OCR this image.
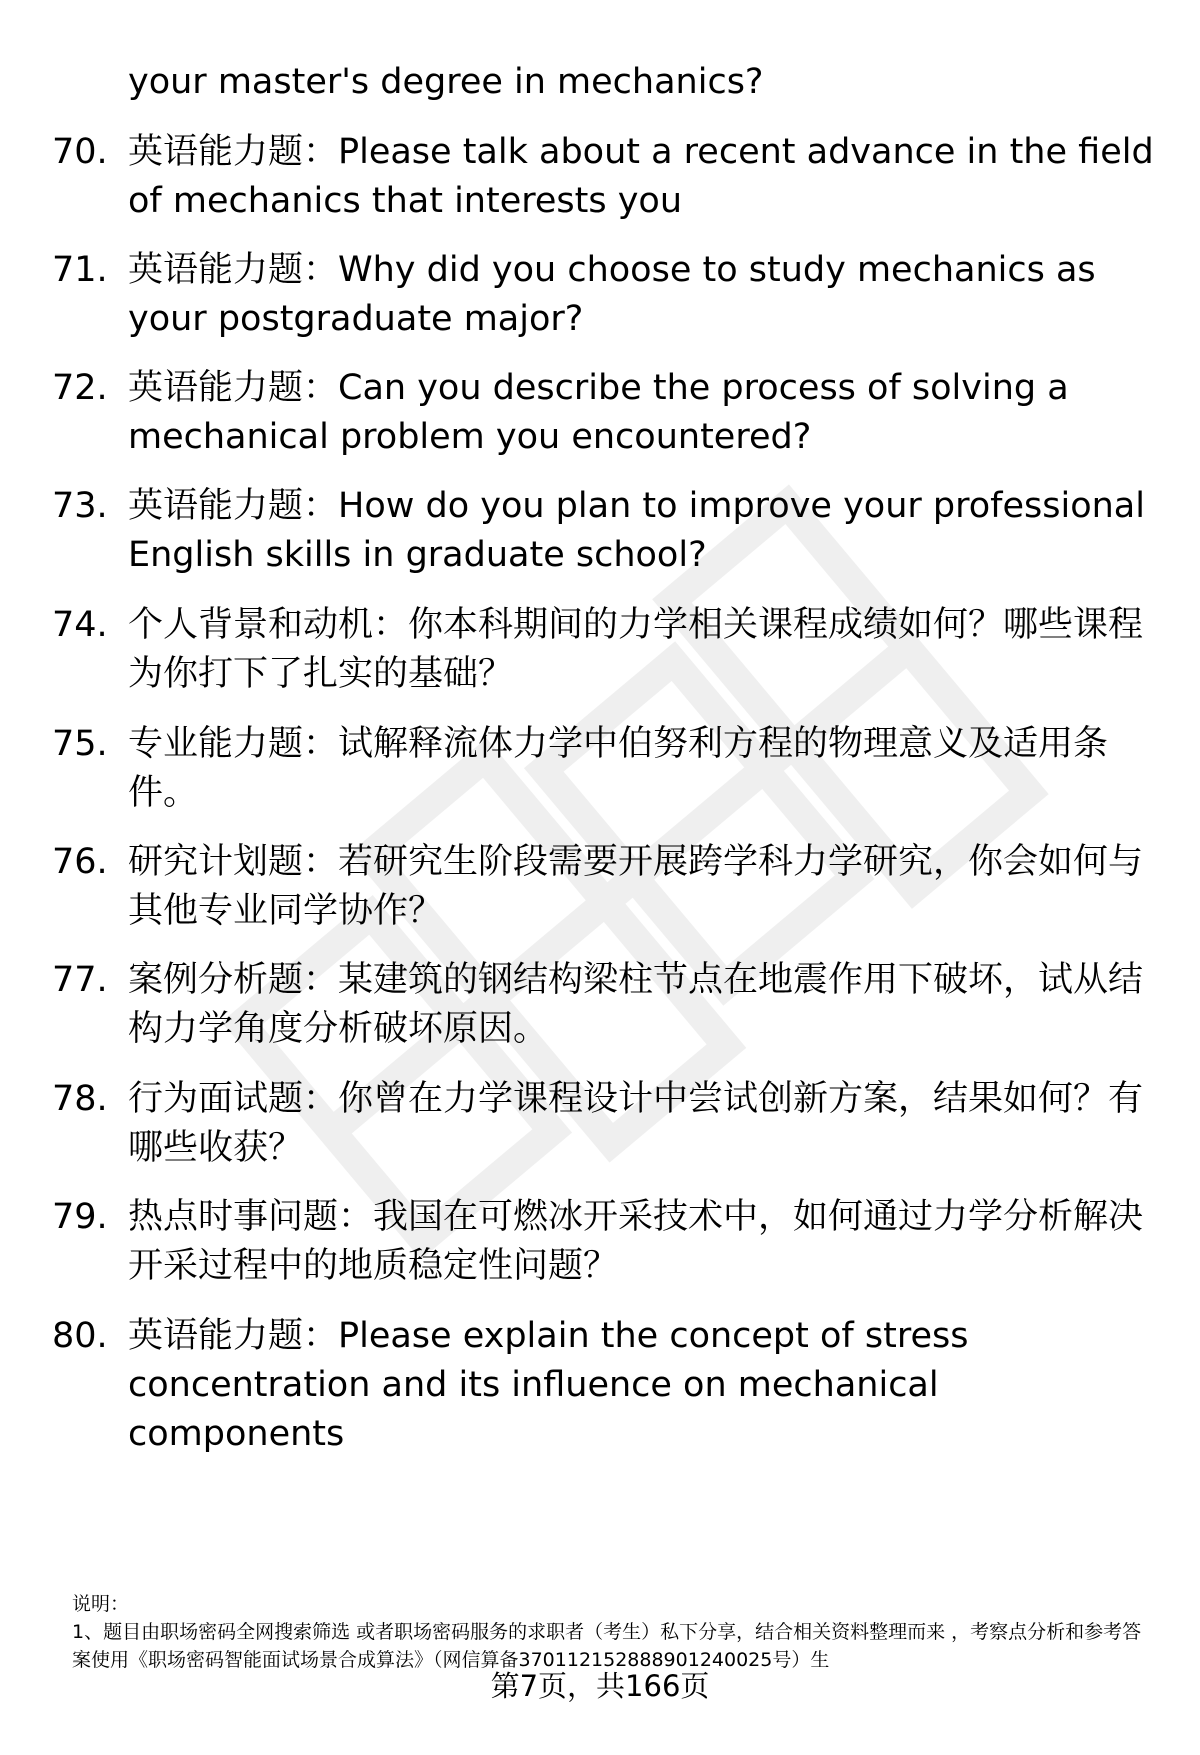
your master's degree in mechanics?
70. 英语能力题：Please talk about a recent advance in the field of mechanics that interests you
71. 英语能力题：Why did you choose to study mechanics as your postgraduate major?
72. 英语能力题：Can you describe the process of solving a mechanical problem you encountered?
73. 英语能力题：How do you plan to improve your professional English skills in graduate school?
74. 个人背景和动机：你本科期间的力学相关课程成绩如何？哪些课程为你打下了扎实的基础？
75. 专业能力题：试解释流体力学中伯努利方程的物理意义及适用条件。
76. 研究计划题：若研究生阶段需要开展跨学科力学研究，你会如何与其他专业同学协作？
77. 案例分析题：某建筑的钢结构梁柱节点在地震作用下破坏，试从结构力学角度分析破坏原因。
78. 行为面试题：你曾在力学课程设计中尝试创新方案，结果如何？有哪些收获？
79. 热点时事问题：我国在可燃冰开采技术中，如何通过力学分析解决开采过程中的地质稳定性问题？
80. 英语能力题：Please explain the concept of stress concentration and its influence on mechanical components
说明：
1、题目由职场密码全网搜索筛选 或者职场密码服务的求职者（考生）私下分享，结合相关资料整理而来 ，考察点分析和参考答案使用《职场密码智能面试场景合成算法》（网信算备370112152888901240025号）生
第7页，共166页
